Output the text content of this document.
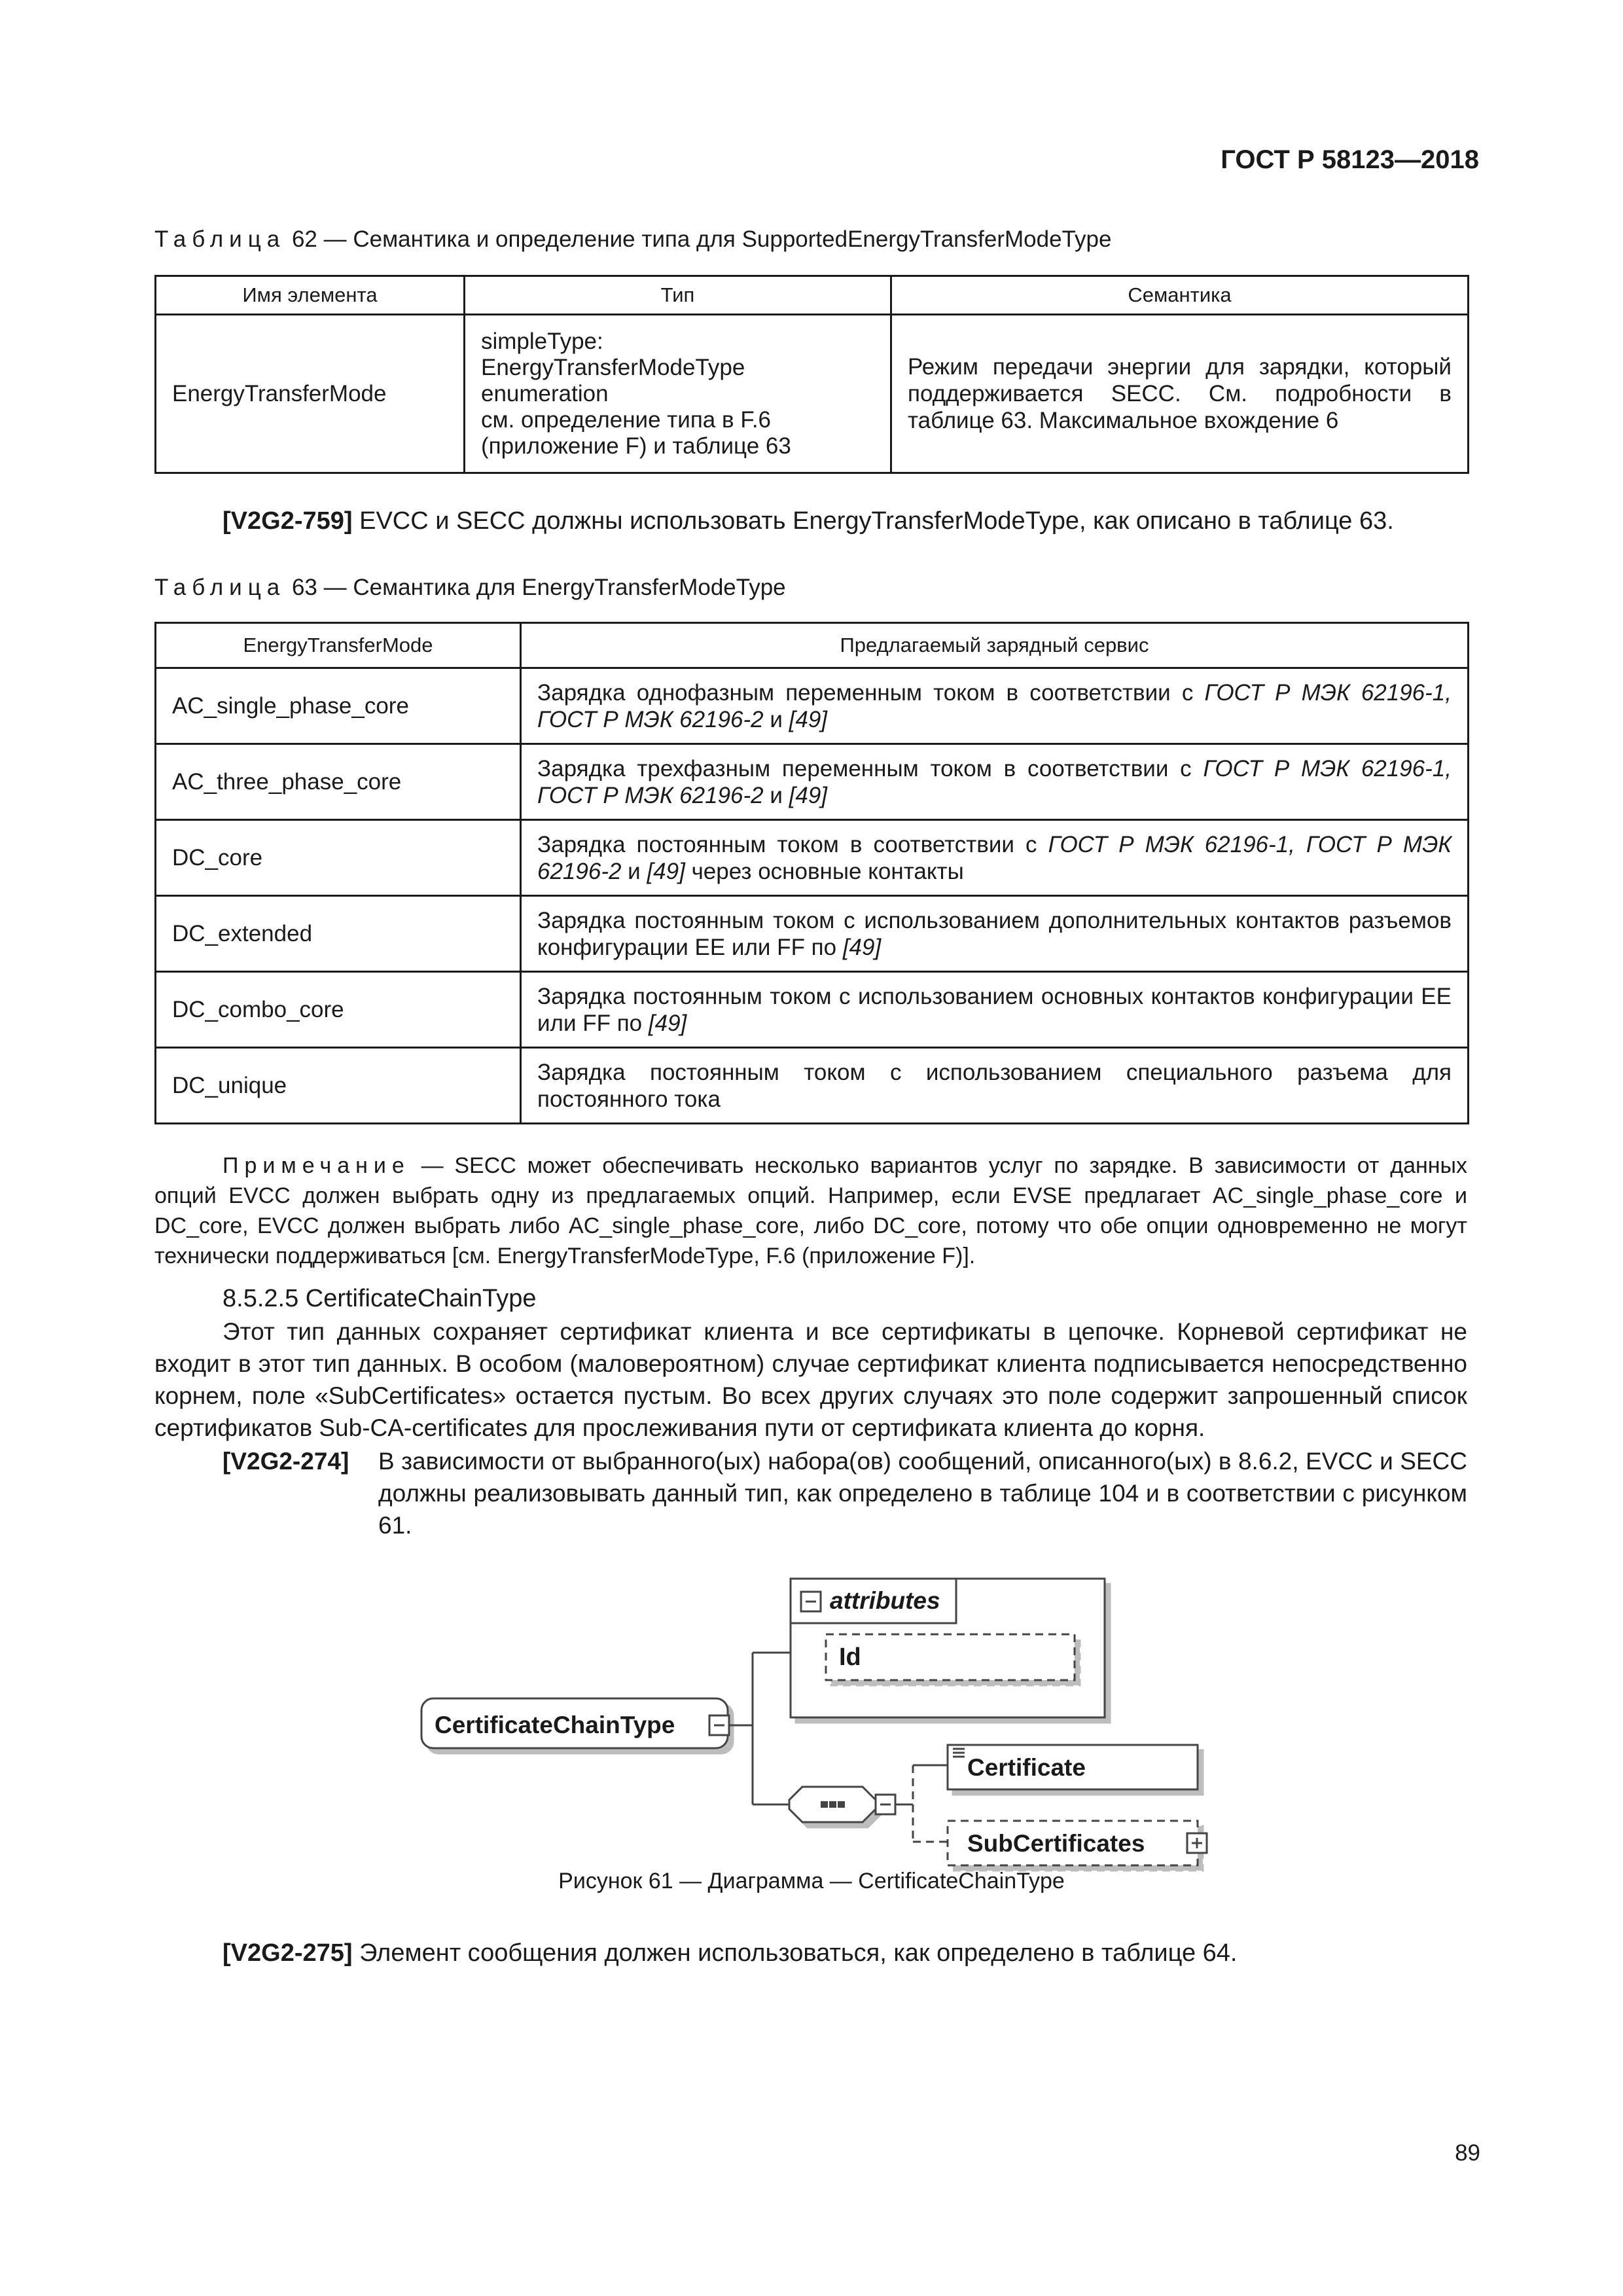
ГОСТ Р 58123—2018
Таблица 62 — Семантика и определение типа для SupportedEnergyTransferModeType
Имя элемента	Тип	Семантика
EnergyTransferMode	simpleType:
EnergyTransferModeType
enumeration
см. определение типа в F.6
(приложение F) и таблице 63	Режим передачи энергии для зарядки, который поддерживается SECC. См. подробности в таблице 63. Максимальное вхождение 6
[V2G2-759] EVCC и SECC должны использовать EnergyTransferModeType, как описано в таблице 63.
Таблица 63 — Семантика для EnergyTransferModeType
EnergyTransferMode	Предлагаемый зарядный сервис
AC_single_phase_core	Зарядка однофазным переменным током в соответствии с ГОСТ Р МЭК 62196-1, ГОСТ Р МЭК 62196-2 и [49]
AC_three_phase_core	Зарядка трехфазным переменным током в соответствии с ГОСТ Р МЭК 62196-1, ГОСТ Р МЭК 62196-2 и [49]
DC_core	Зарядка постоянным током в соответствии с ГОСТ Р МЭК 62196-1, ГОСТ Р МЭК 62196-2 и [49] через основные контакты
DC_extended	Зарядка постоянным током с использованием дополнительных контактов разъемов конфигурации EE или FF по [49]
DC_combo_core	Зарядка постоянным током с использованием основных контактов конфигурации EE или FF по [49]
DC_unique	Зарядка постоянным током с использованием специального разъема для постоянного тока
Примечание — SECC может обеспечивать несколько вариантов услуг по зарядке. В зависимости от данных опций EVCC должен выбрать одну из предлагаемых опций. Например, если EVSE предлагает AC_single_phase_core и DC_core, EVCC должен выбрать либо AC_single_phase_core, либо DC_core, потому что обе опции одновременно не могут технически поддерживаться [см. EnergyTransferModeType, F.6 (приложение F)].
8.5.2.5 CertificateChainType
Этот тип данных сохраняет сертификат клиента и все сертификаты в цепочке. Корневой сертификат не входит в этот тип данных. В особом (маловероятном) случае сертификат клиента подписывается непосредственно корнем, поле «SubCertificates» остается пустым. Во всех других случаях это поле содержит запрошенный список сертификатов Sub-CA-certificates для прослеживания пути от сертификата клиента до корня.
[V2G2-274] В зависимости от выбранного(ых) набора(ов) сообщений, описанного(ых) в 8.6.2, EVCC и SECC должны реализовывать данный тип, как определено в таблице 104 и в соответствии с рисунком 61.
CertificateChainType
attributes
Id
Certificate
SubCertificates
Рисунок 61 — Диаграмма — CertificateChainType
[V2G2-275] Элемент сообщения должен использоваться, как определено в таблице 64.
89
